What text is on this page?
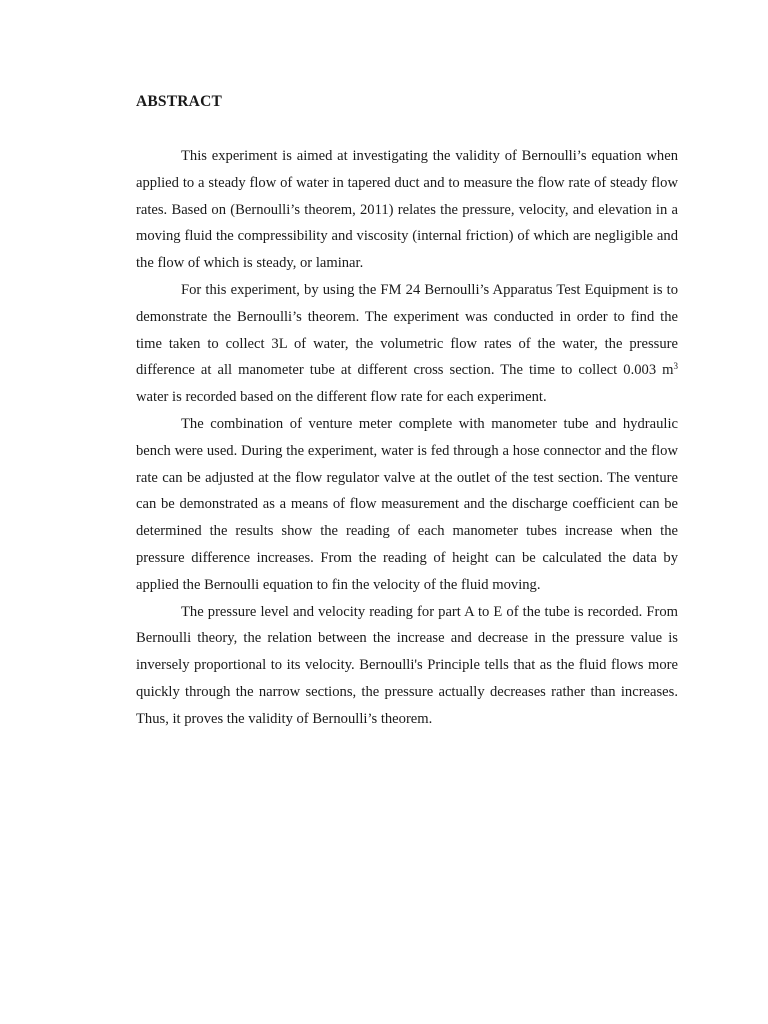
ABSTRACT

This experiment is aimed at investigating the validity of Bernoulli’s equation when applied to a steady flow of water in tapered duct and to measure the flow rate of steady flow rates. Based on (Bernoulli’s theorem, 2011) relates the pressure, velocity, and elevation in a moving fluid the compressibility and viscosity (internal friction) of which are negligible and the flow of which is steady, or laminar.

For this experiment, by using the FM 24 Bernoulli’s Apparatus Test Equipment is to demonstrate the Bernoulli’s theorem. The experiment was conducted in order to find the time taken to collect 3L of water, the volumetric flow rates of the water, the pressure difference at all manometer tube at different cross section. The time to collect 0.003 $m^3$ water is recorded based on the different flow rate for each experiment.

The combination of venture meter complete with manometer tube and hydraulic bench were used. During the experiment, water is fed through a hose connector and the flow rate can be adjusted at the flow regulator valve at the outlet of the test section. The venture can be demonstrated as a means of flow measurement and the discharge coefficient can be determined the results show the reading of each manometer tubes increase when the pressure difference increases. From the reading of height can be calculated the data by applied the Bernoulli equation to fin the velocity of the fluid moving.

The pressure level and velocity reading for part A to E of the tube is recorded. From Bernoulli theory, the relation between the increase and decrease in the pressure value is inversely proportional to its velocity. Bernoulli's Principle tells that as the fluid flows more quickly through the narrow sections, the pressure actually decreases rather than increases. Thus, it proves the validity of Bernoulli’s theorem.
